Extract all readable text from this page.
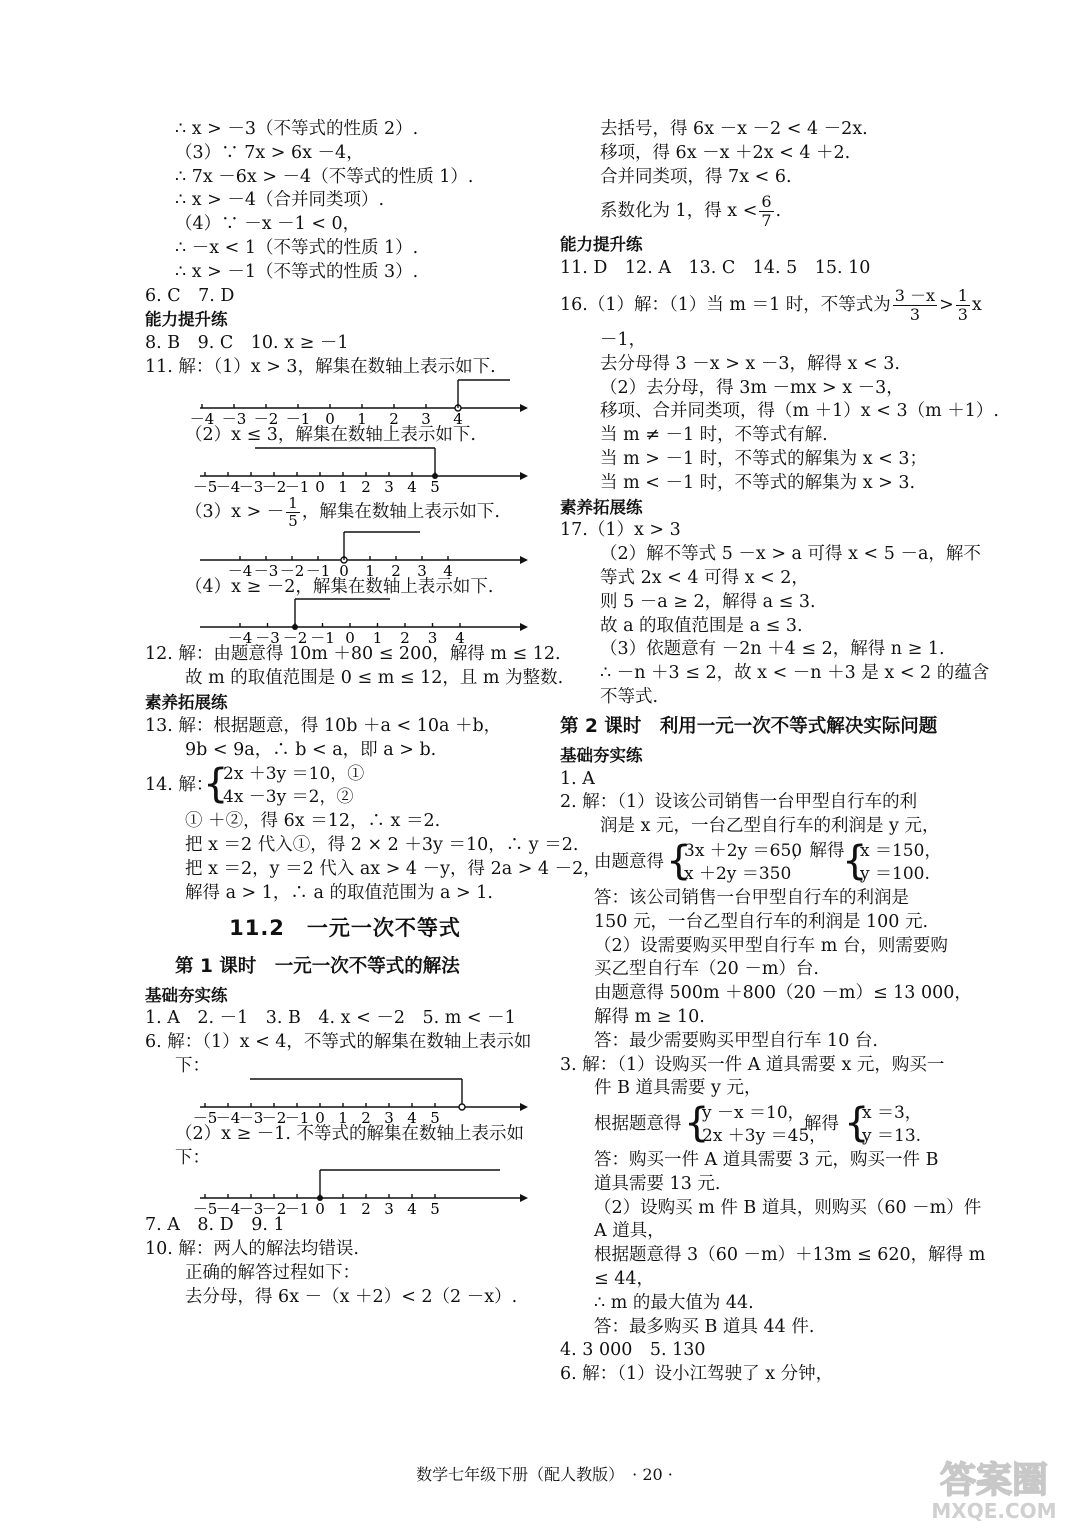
∴ x > －3（不等式的性质 2）.
（3）∵ 7x > 6x －4，
∴ 7x －6x > －4（不等式的性质 1）.
∴ x > －4（合并同类项）.
（4）∵ －x －1 < 0，
∴ －x < 1（不等式的性质 1）.
∴ x > －1（不等式的性质 3）.
6. C　7. D
能力提升练
8. B　9. C　10. x ≥ －1
11. 解：（1）x > 3，解集在数轴上表示如下.
－4 －3 －2 －1 0 1 2 3 4
（2）x ≤ 3，解集在数轴上表示如下.
－5
－4
－3
－2
－1 0 1 2 3 4 5
（3）x > － $\frac{1}{5}$ ，解集在数轴上表示如下.
－4 －3 －2 －1 0 1 2 3 4
（4）x ≥ －2，解集在数轴上表示如下.
－4 －3 －2 －1 0 1 2 3 4
12. 解：由题意得 10m ＋80 ≤ 200，解得 m ≤ 12.
故 m 的取值范围是 0 ≤ m ≤ 12，且 m 为整数.
素养拓展练
13. 解：根据题意，得 10b ＋a < 10a ＋b，
9b < 9a，∴ b < a，即 a > b.
14. 解：
{
2x ＋3y ＝10，①
4x －3y ＝2，②
① ＋②，得 6x ＝12，∴ x ＝2.
把 x ＝2 代入①，得 2 × 2 ＋3y ＝10，∴ y ＝2.
把 x ＝2，y ＝2 代入 ax > 4 －y，得 2a > 4 －2，
解得 a > 1，∴ a 的取值范围为 a > 1.
11.2　一元一次不等式
第 1 课时　一元一次不等式的解法
基础夯实练
1. A　2. －1　3. B　4. x < －2　5. m < －1
6. 解：（1）x < 4，不等式的解集在数轴上表示如
下：
－5
－4
－3
－2
－1 0 1 2 3 4 5
（2）x ≥ －1. 不等式的解集在数轴上表示如
下：
－5
－4
－3
－2
－1 0 1 2 3 4 5
7. A　8. D　9. 1
10. 解：两人的解法均错误.
正确的解答过程如下：
去分母，得 6x －（x ＋2）< 2（2 －x）.
去括号，得 6x －x －2 < 4 －2x.
移项，得 6x －x ＋2x < 4 ＋2.
合并同类项，得 7x < 6.
系数化为 1，得 $x < \frac{6}{7}$ .
能力提升练
11. D　12. A　13. C　14. 5　15. 10
16.（1）解：（1）当 m ＝1 时，不等式为 $\frac{3 -x}{3} > \frac{1}{3}$ x
－1，
去分母得 3 －x > x －3，解得 x < 3.
（2）去分母，得 3m －mx > x －3，
移项、合并同类项，得（m ＋1）x < 3（m ＋1）.
当 m ≠ －1 时，不等式有解.
当 m > －1 时，不等式的解集为 x < 3；
当 m < －1 时，不等式的解集为 x > 3.
素养拓展练
17.（1）x > 3
（2）解不等式 5 －x > a 可得 x < 5 －a，解不
等式 2x < 4 可得 x < 2，
则 5 －a ≥ 2，解得 a ≤ 3.
故 a 的取值范围是 a ≤ 3.
（3）依题意有 －2n ＋4 ≤ 2，解得 n ≥ 1.
∴ －n ＋3 ≤ 2，故 x < －n ＋3 是 x < 2 的蕴含
不等式.
第 2 课时　利用一元一次不等式解决实际问题
基础夯实练
1. A
2. 解：（1）设该公司销售一台甲型自行车的利
润是 x 元，一台乙型自行车的利润是 y 元，
由题意得 {
3x ＋2y ＝650
x ＋2y ＝350
，解得
{
x ＝150，
y ＝100.
答：该公司销售一台甲型自行车的利润是
150 元，一台乙型自行车的利润是 100 元.
（2）设需要购买甲型自行车 m 台，则需要购
买乙型自行车（20 －m）台.
由题意得 500m ＋800（20 －m）≤ 13 000，
解得 m ≥ 10.
答：最少需要购买甲型自行车 10 台.
3. 解：（1）设购买一件 A 道具需要 x 元，购买一
件 B 道具需要 y 元，
根据题意得 {
y －x ＝10，
2x ＋3y ＝45，
解得 {
x ＝3，
y ＝13.
答：购买一件 A 道具需要 3 元，购买一件 B
道具需要 13 元.
（2）设购买 m 件 B 道具，则购买（60 －m）件
A 道具，
根据题意得 3（60 －m）＋13m ≤ 620，解得 m
≤ 44，
∴ m 的最大值为 44.
答：最多购买 B 道具 44 件.
4. 3 000　5. 130
6. 解：（1）设小江驾驶了 x 分钟，
数学七年级下册（配人教版）　· 20 ·	答案圈
MXQE.COM
